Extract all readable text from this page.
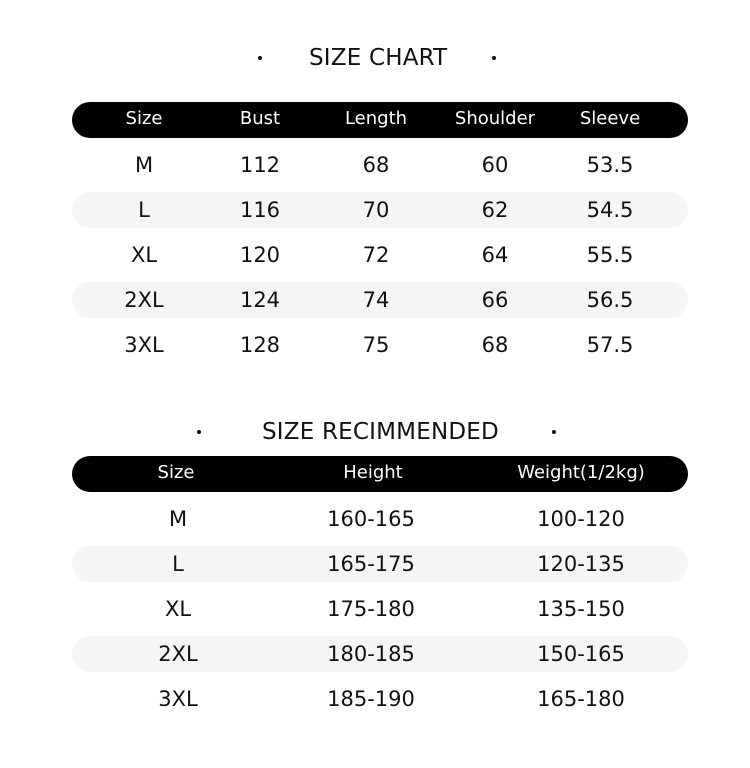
SIZE CHART
Size	Bust	Length	Shoulder	Sleeve
M	112	68	60	53.5
L	116	70	62	54.5
XL	120	72	64	55.5
2XL	124	74	66	56.5
3XL	128	75	68	57.5
SIZE RECIMMENDED
Size	Height	Weight(1/2kg)
M	160-165	100-120
L	165-175	120-135
XL	175-180	135-150
2XL	180-185	150-165
3XL	185-190	165-180
